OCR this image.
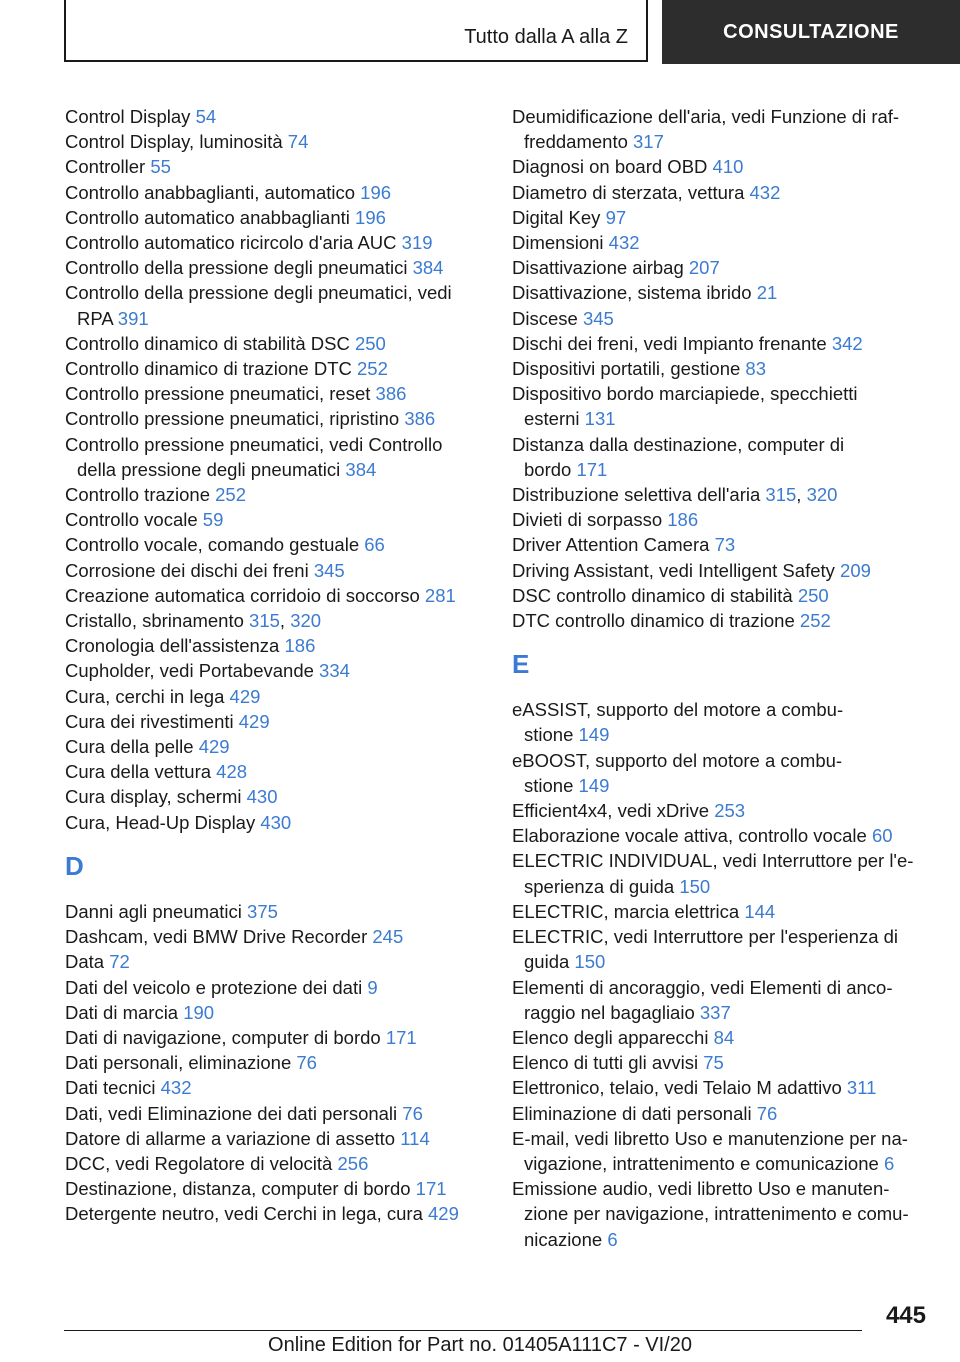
Tutto dalla A alla Z	CONSULTAZIONE
Control Display 54
Control Display, luminosità 74
Controller 55
Controllo anabbaglianti, automatico 196
Controllo automatico anabbaglianti 196
Controllo automatico ricircolo d'aria AUC 319
Controllo della pressione degli pneumatici 384
Controllo della pressione degli pneumatici, vedi RPA 391
Controllo dinamico di stabilità DSC 250
Controllo dinamico di trazione DTC 252
Controllo pressione pneumatici, reset 386
Controllo pressione pneumatici, ripristino 386
Controllo pressione pneumatici, vedi Controllo della pressione degli pneumatici 384
Controllo trazione 252
Controllo vocale 59
Controllo vocale, comando gestuale 66
Corrosione dei dischi dei freni 345
Creazione automatica corridoio di soccorso 281
Cristallo, sbrinamento 315, 320
Cronologia dell'assistenza 186
Cupholder, vedi Portabevande 334
Cura, cerchi in lega 429
Cura dei rivestimenti 429
Cura della pelle 429
Cura della vettura 428
Cura display, schermi 430
Cura, Head-Up Display 430
D
Danni agli pneumatici 375
Dashcam, vedi BMW Drive Recorder 245
Data 72
Dati del veicolo e protezione dei dati 9
Dati di marcia 190
Dati di navigazione, computer di bordo 171
Dati personali, eliminazione 76
Dati tecnici 432
Dati, vedi Eliminazione dei dati personali 76
Datore di allarme a variazione di assetto 114
DCC, vedi Regolatore di velocità 256
Destinazione, distanza, computer di bordo 171
Detergente neutro, vedi Cerchi in lega, cura 429
Deumidificazione dell'aria, vedi Funzione di raf-
freddamento 317
Diagnosi on board OBD 410
Diametro di sterzata, vettura 432
Digital Key 97
Dimensioni 432
Disattivazione airbag 207
Disattivazione, sistema ibrido 21
Discese 345
Dischi dei freni, vedi Impianto frenante 342
Dispositivi portatili, gestione 83
Dispositivo bordo marciapiede, specchietti
esterni 131
Distanza dalla destinazione, computer di
bordo 171
Distribuzione selettiva dell'aria 315, 320
Divieti di sorpasso 186
Driver Attention Camera 73
Driving Assistant, vedi Intelligent Safety 209
DSC controllo dinamico di stabilità 250
DTC controllo dinamico di trazione 252
E
eASSIST, supporto del motore a combu-
stione 149
eBOOST, supporto del motore a combu-
stione 149
Efficient4x4, vedi xDrive 253
Elaborazione vocale attiva, controllo vocale 60
ELECTRIC INDIVIDUAL, vedi Interruttore per l'e-
sperienza di guida 150
ELECTRIC, marcia elettrica 144
ELECTRIC, vedi Interruttore per l'esperienza di
guida 150
Elementi di ancoraggio, vedi Elementi di anco-
raggio nel bagagliaio 337
Elenco degli apparecchi 84
Elenco di tutti gli avvisi 75
Elettronico, telaio, vedi Telaio M adattivo 311
Eliminazione di dati personali 76
E-mail, vedi libretto Uso e manutenzione per na-
vigazione, intrattenimento e comunicazione 6
Emissione audio, vedi libretto Uso e manuten-
zione per navigazione, intrattenimento e comu-
nicazione 6
445
Online Edition for Part no. 01405A111C7 - VI/20
